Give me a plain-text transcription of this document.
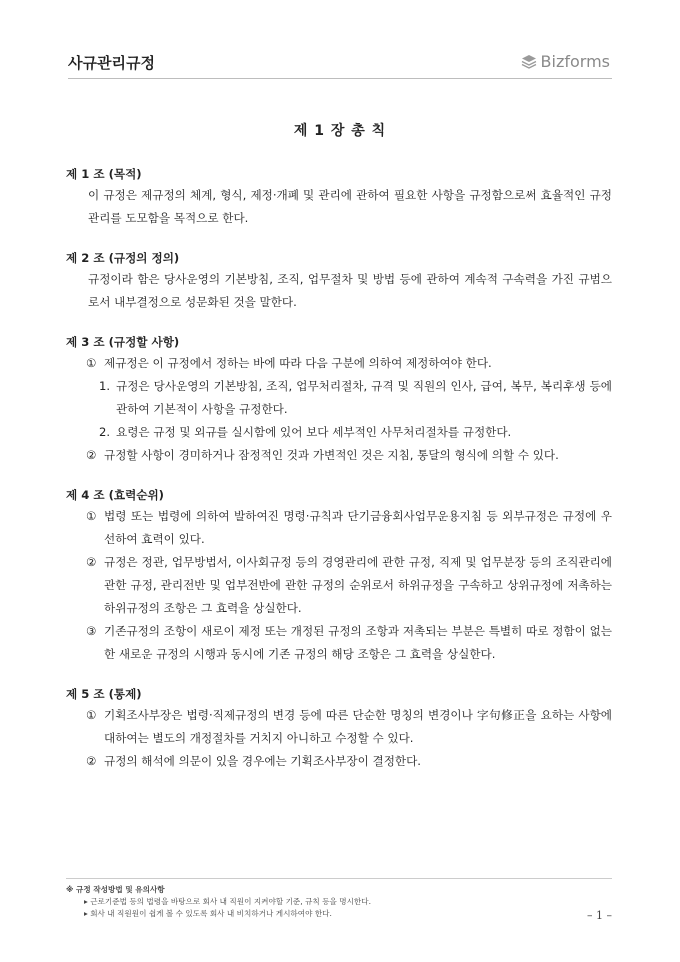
사규관리규정	Bizforms
제 1 장 총 칙
제 1 조 (목적)
이 규정은 제규정의 체계, 형식, 제정·개폐 및 관리에 관하여 필요한 사항을 규정함으로써 효율적인 규정 관리를 도모함을 목적으로 한다.
제 2 조 (규정의 정의)
규정이라 함은 당사운영의 기본방침, 조직, 업무절차 및 방법 등에 관하여 계속적 구속력을 가진 규범으로서 내부결정으로 성문화된 것을 말한다.
제 3 조 (규정할 사항)
① 제규정은 이 규정에서 정하는 바에 따라 다음 구분에 의하여 제정하여야 한다.
1. 규정은 당사운영의 기본방침, 조직, 업무처리절차, 규격 및 직원의 인사, 급여, 복무, 복리후생 등에 관하여 기본적이 사항을 규정한다.
2. 요령은 규정 및 외규를 실시함에 있어 보다 세부적인 사무처리절차를 규정한다.
② 규정할 사항이 경미하거나 잠정적인 것과 가변적인 것은 지침, 통달의 형식에 의할 수 있다.
제 4 조 (효력순위)
① 법령 또는 법령에 의하여 발하여진 명령·규칙과 단기금융회사업무운용지침 등 외부규정은 규정에 우선하여 효력이 있다.
② 규정은 정관, 업무방법서, 이사회규정 등의 경영관리에 관한 규정, 직제 및 업무분장 등의 조직관리에 관한 규정, 관리전반 및 업부전반에 관한 규정의 순위로서 하위규정을 구속하고 상위규정에 저촉하는 하위규정의 조항은 그 효력을 상실한다.
③ 기존규정의 조항이 새로이 제정 또는 개정된 규정의 조항과 저촉되는 부분은 특별히 따로 정함이 없는 한 새로운 규정의 시행과 동시에 기존 규정의 해당 조항은 그 효력을 상실한다.
제 5 조 (통제)
① 기획조사부장은 법령·직제규정의 변경 등에 따른 단순한 명칭의 변경이나 字句修正을 요하는 사항에 대하여는 별도의 개정절차를 거치지 아니하고 수정할 수 있다.
② 규정의 해석에 의문이 있을 경우에는 기획조사부장이 결정한다.
※ 규정 작성방법 및 유의사항
▸ 근로기준법 등의 법령을 바탕으로 회사 내 직원이 지켜야할 기준, 규칙 등을 명시한다.
▸ 회사 내 직원원이 쉽게 볼 수 있도록 회사 내 비치하거나 게시하여야 한다.	– 1 –
